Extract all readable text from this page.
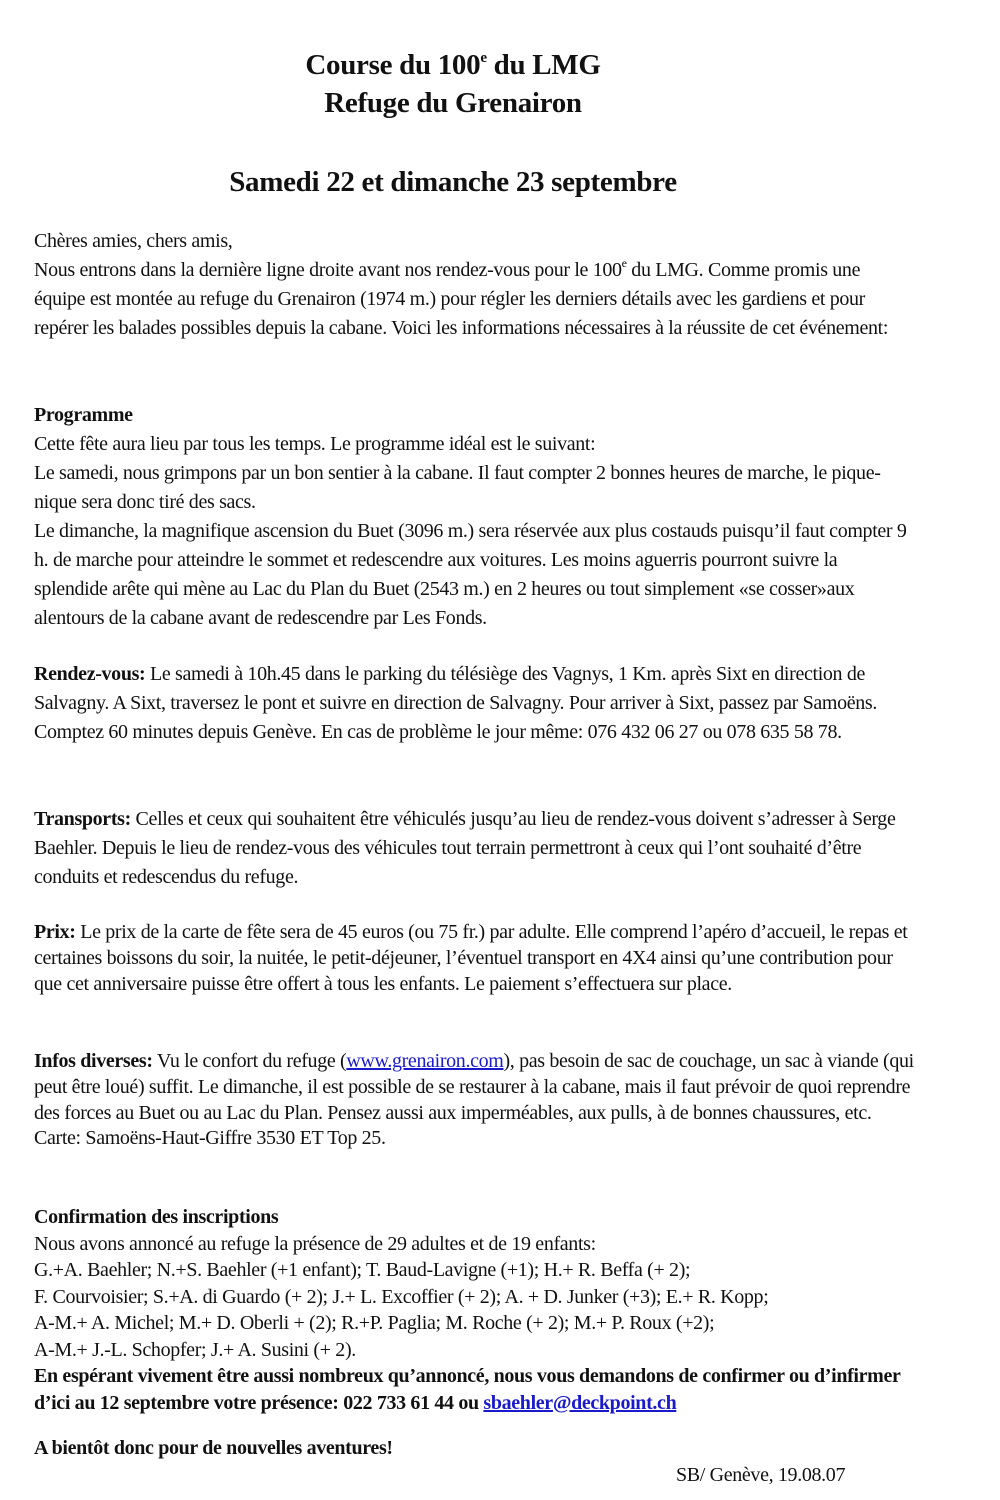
Course du 100e du LMG
Refuge du Grenairon
Samedi 22 et dimanche 23 septembre
Chères amies, chers amis,
Nous entrons dans la dernière ligne droite avant nos rendez-vous pour le 100e du LMG. Comme promis une équipe est montée au refuge du Grenairon (1974 m.) pour régler les derniers détails avec les gardiens et pour repérer les balades possibles depuis la cabane. Voici les informations nécessaires à la réussite de cet événement:
Programme
Cette fête aura lieu par tous les temps. Le programme idéal est le suivant:
Le samedi, nous grimpons par un bon sentier à la cabane. Il faut compter 2 bonnes heures de marche, le pique-nique sera donc tiré des sacs.
Le dimanche, la magnifique ascension du Buet (3096 m.) sera réservée aux plus costauds puisqu’il faut compter 9 h. de marche pour atteindre le sommet et redescendre aux voitures. Les moins aguerris pourront suivre la splendide arête qui mène au Lac du Plan du Buet (2543 m.) en 2 heures ou tout simplement «se cosser»aux alentours de la cabane avant de redescendre par Les Fonds.
Rendez-vous: Le samedi à 10h.45 dans le parking du télésiège des Vagnys, 1 Km. après Sixt en direction de Salvagny. A Sixt, traversez le pont et suivre en direction de Salvagny. Pour arriver à Sixt, passez par Samoëns. Comptez 60 minutes depuis Genève. En cas de problème le jour même: 076 432 06 27 ou 078 635 58 78.
Transports: Celles et ceux qui souhaitent être véhiculés jusqu’au lieu de rendez-vous doivent s’adresser à Serge Baehler. Depuis le lieu de rendez-vous des véhicules tout terrain permettront à ceux qui l’ont souhaité d’être conduits et redescendus du refuge.
Prix: Le prix de la carte de fête sera de 45 euros (ou 75 fr.) par adulte. Elle comprend l’apéro d’accueil, le repas et certaines boissons du soir, la nuitée, le petit-déjeuner, l’éventuel transport en 4X4 ainsi qu’une contribution pour que cet anniversaire puisse être offert à tous les enfants. Le paiement s’effectuera sur place.
Infos diverses: Vu le confort du refuge (www.grenairon.com), pas besoin de sac de couchage, un sac à viande (qui peut être loué) suffit. Le dimanche, il est possible de se restaurer à la cabane, mais il faut prévoir de quoi reprendre des forces au Buet ou au Lac du Plan. Pensez aussi aux imperméables, aux pulls, à de bonnes chaussures, etc. Carte: Samoëns-Haut-Giffre 3530 ET Top 25.
Confirmation des inscriptions
Nous avons annoncé au refuge la présence de 29 adultes et de 19 enfants:
G.+A. Baehler; N.+S. Baehler (+1 enfant); T. Baud-Lavigne (+1); H.+ R. Beffa (+ 2);
F. Courvoisier; S.+A. di Guardo (+ 2); J.+ L. Excoffier (+ 2); A. + D. Junker (+3); E.+ R. Kopp;
A-M.+ A. Michel; M.+ D. Oberli + (2); R.+P. Paglia; M. Roche (+ 2); M.+ P. Roux (+2);
A-M.+ J.-L. Schopfer; J.+ A. Susini (+ 2).
En espérant vivement être aussi nombreux qu’annoncé, nous vous demandons de confirmer ou d’infirmer d’ici au 12 septembre votre présence: 022 733 61 44 ou sbaehler@deckpoint.ch
A bientôt donc pour de nouvelles aventures!
SB/ Genève, 19.08.07
